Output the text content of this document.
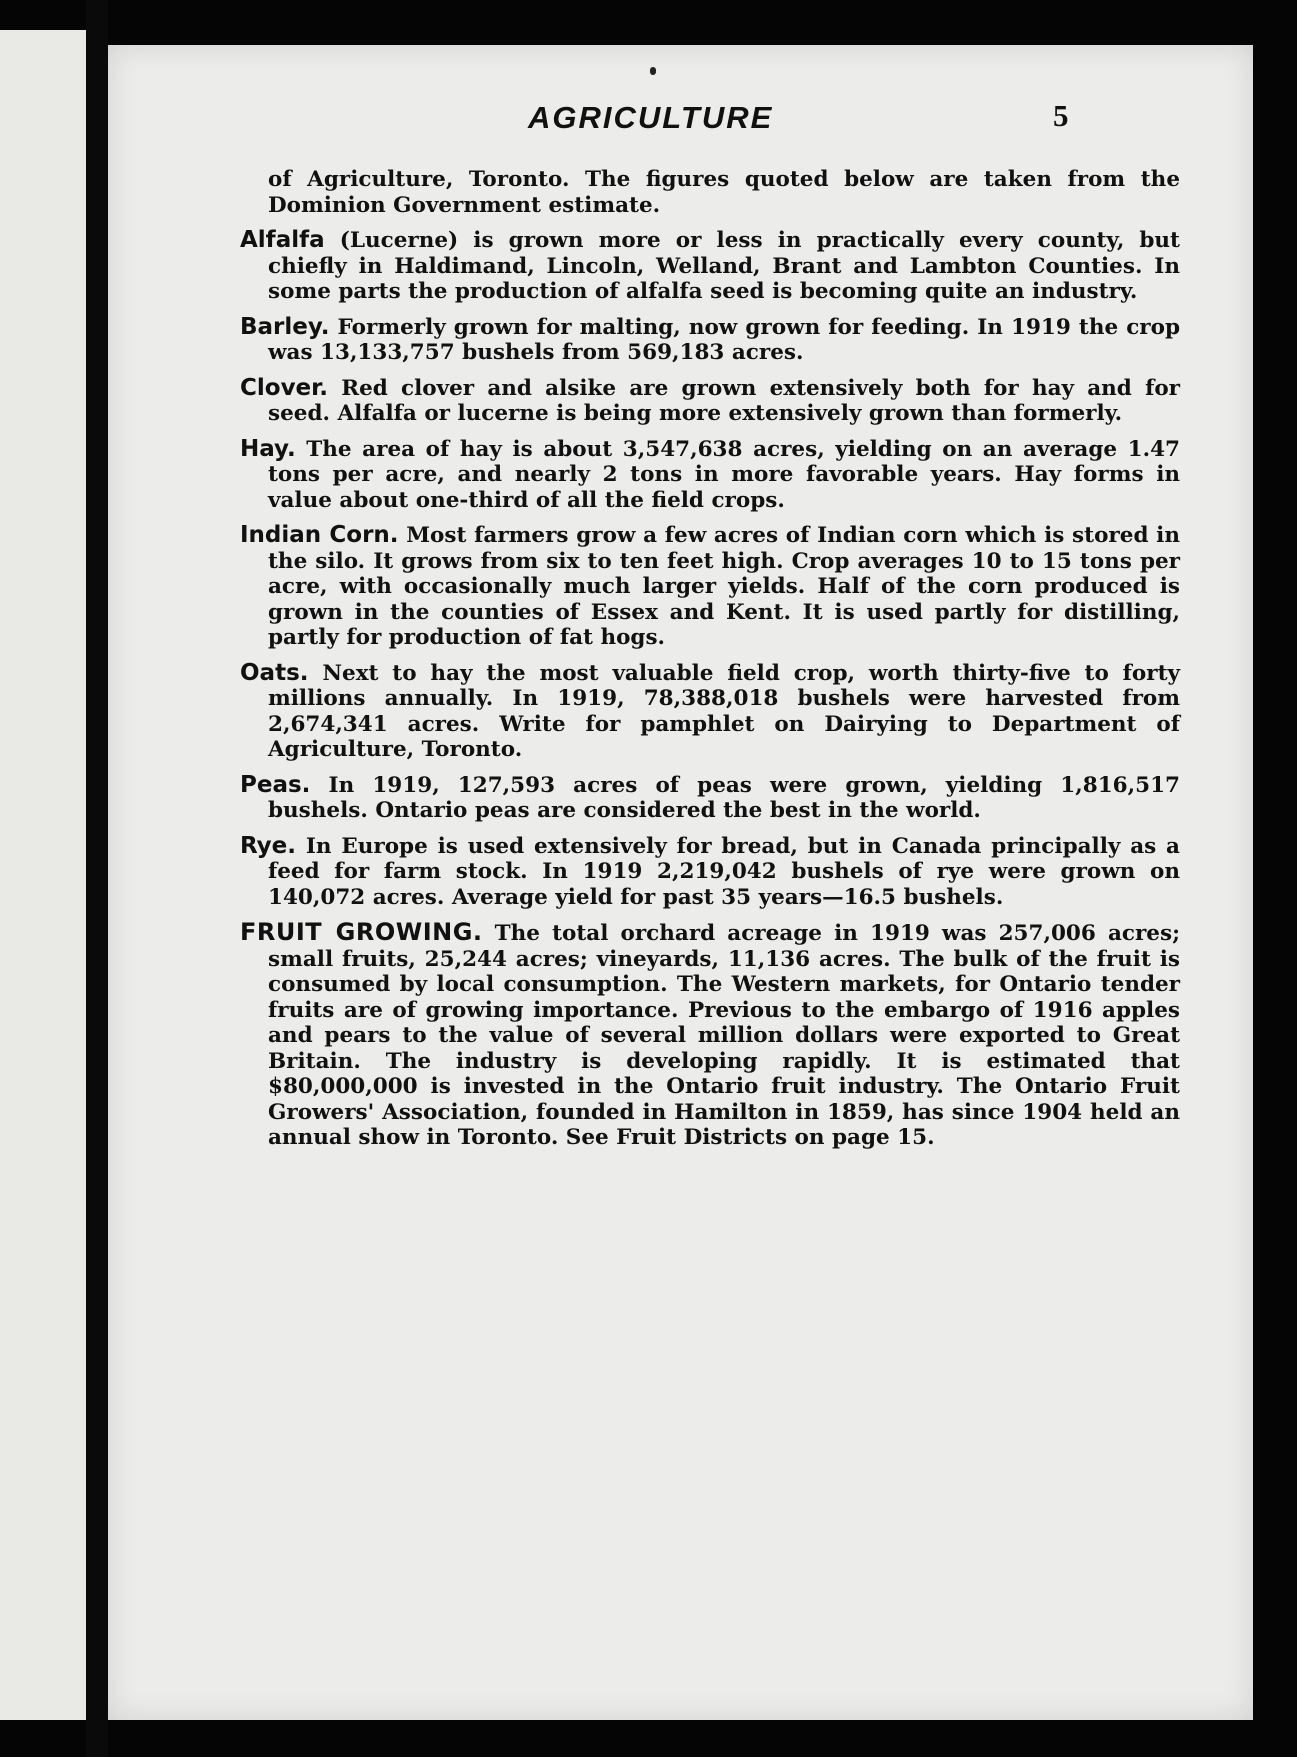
AGRICULTURE	5

of Agriculture, Toronto. The figures quoted below are taken from the Dominion Government estimate.

Alfalfa (Lucerne) is grown more or less in practically every county, but chiefly in Haldimand, Lincoln, Welland, Brant and Lambton Counties. In some parts the production of alfalfa seed is becoming quite an industry.

Barley. Formerly grown for malting, now grown for feeding. In 1919 the crop was 13,133,757 bushels from 569,183 acres.

Clover. Red clover and alsike are grown extensively both for hay and for seed. Alfalfa or lucerne is being more extensively grown than formerly.

Hay. The area of hay is about 3,547,638 acres, yielding on an average 1.47 tons per acre, and nearly 2 tons in more favorable years. Hay forms in value about one-third of all the field crops.

Indian Corn. Most farmers grow a few acres of Indian corn which is stored in the silo. It grows from six to ten feet high. Crop averages 10 to 15 tons per acre, with occasionally much larger yields. Half of the corn produced is grown in the counties of Essex and Kent. It is used partly for distilling, partly for production of fat hogs.

Oats. Next to hay the most valuable field crop, worth thirty-five to forty millions annually. In 1919, 78,388,018 bushels were harvested from 2,674,341 acres. Write for pamphlet on Dairying to Department of Agriculture, Toronto.

Peas. In 1919, 127,593 acres of peas were grown, yielding 1,816,517 bushels. Ontario peas are considered the best in the world.

Rye. In Europe is used extensively for bread, but in Canada principally as a feed for farm stock. In 1919 2,219,042 bushels of rye were grown on 140,072 acres. Average yield for past 35 years—16.5 bushels.

FRUIT GROWING. The total orchard acreage in 1919 was 257,006 acres; small fruits, 25,244 acres; vineyards, 11,136 acres. The bulk of the fruit is consumed by local consumption. The Western markets, for Ontario tender fruits are of growing importance. Previous to the embargo of 1916 apples and pears to the value of several million dollars were exported to Great Britain. The industry is developing rapidly. It is estimated that $80,000,000 is invested in the Ontario fruit industry. The Ontario Fruit Growers' Association, founded in Hamilton in 1859, has since 1904 held an annual show in Toronto. See Fruit Districts on page 15.
